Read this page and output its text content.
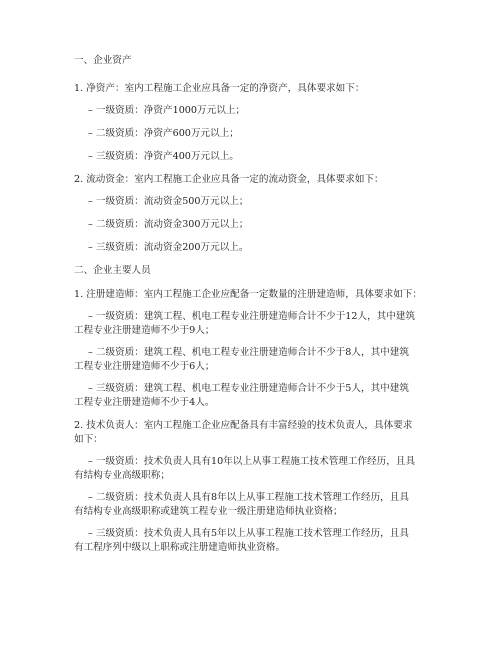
一、企业资产
1. 净资产：室内工程施工企业应具备一定的净资产，具体要求如下：
– 一级资质：净资产1000万元以上；
– 二级资质：净资产600万元以上；
– 三级资质：净资产400万元以上。
2. 流动资金：室内工程施工企业应具备一定的流动资金，具体要求如下：
– 一级资质：流动资金500万元以上；
– 二级资质：流动资金300万元以上；
– 三级资质：流动资金200万元以上。
二、企业主要人员
1. 注册建造师：室内工程施工企业应配备一定数量的注册建造师，具体要求如下：
– 一级资质：建筑工程、机电工程专业注册建造师合计不少于12人，其中建筑
工程专业注册建造师不少于9人；
– 二级资质：建筑工程、机电工程专业注册建造师合计不少于8人，其中建筑
工程专业注册建造师不少于6人；
– 三级资质：建筑工程、机电工程专业注册建造师合计不少于5人，其中建筑
工程专业注册建造师不少于4人。
2. 技术负责人：室内工程施工企业应配备具有丰富经验的技术负责人，具体要求
如下：
– 一级资质：技术负责人具有10年以上从事工程施工技术管理工作经历，且具
有结构专业高级职称；
– 二级资质：技术负责人具有8年以上从事工程施工技术管理工作经历，且具
有结构专业高级职称或建筑工程专业一级注册建造师执业资格；
– 三级资质：技术负责人具有5年以上从事工程施工技术管理工作经历，且具
有工程序列中级以上职称或注册建造师执业资格。
